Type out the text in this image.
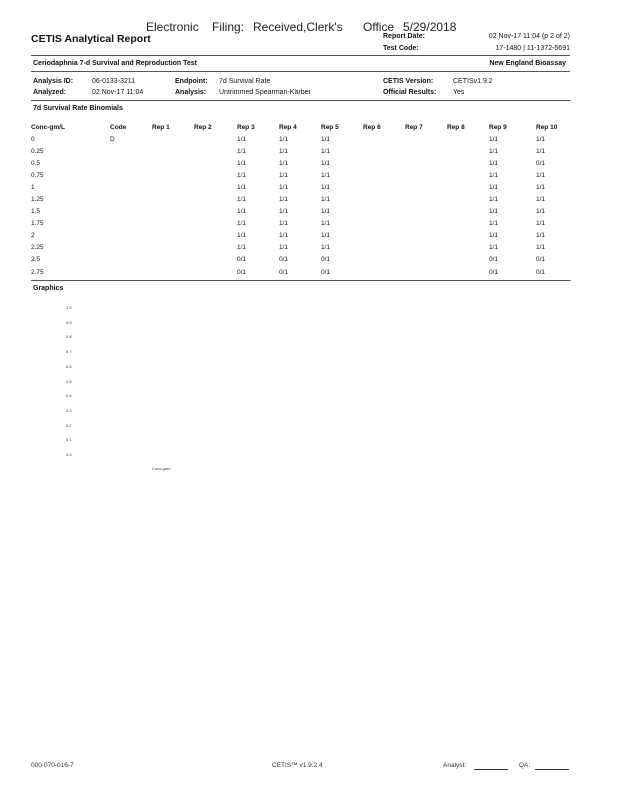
Electronic Filing: Received,Clerk's Office 5/29/2018
CETIS Analytical Report	Report Date:	02 Nov-17 11:04 (p 2 of 2)
Test Code:	17-1480 | 11-1372-5691
Ceriodaphnia 7-d Survival and Reproduction Test	New England Bioassay
Analysis ID:	06-0133-3211	Endpoint: 7d Survival Rate	CETIS Version:	CETISv1.9.2
Analyzed:	02 Nov-17 11:04	Analysis: Untrimmed Spearman-Kärber	Official Results: Yes
7d Survival Rate Binomials
Conc-gm/L	Code	Rep 1	Rep 2	Rep 3	Rep 4	Rep 5	Rep 6	Rep 7	Rep 8	Rep 9	Rep 10
0	D			1/1	1/1	1/1				1/1	1/1
0.25				1/1	1/1	1/1				1/1	1/1
0.5				1/1	1/1	1/1				1/1	0/1
0.75				1/1	1/1	1/1				1/1	1/1
1				1/1	1/1	1/1				1/1	1/1
1.25				1/1	1/1	1/1				1/1	1/1
1.5				1/1	1/1	1/1				1/1	1/1
1.75				1/1	1/1	1/1				1/1	1/1
2				1/1	1/1	1/1				1/1	1/1
2.25				1/1	1/1	1/1				1/1	1/1
2.5				0/1	0/1	0/1				0/1	0/1
2.75				0/1	0/1	0/1				0/1	0/1
Graphics
1.0
0.9
0.8
0.7
0.6
0.5
0.4
0.3
0.2
0.1
0.0
Conc-gm/L
000-070-016-7	CETIS™ v1.9.2.4	Analyst:	QA:
